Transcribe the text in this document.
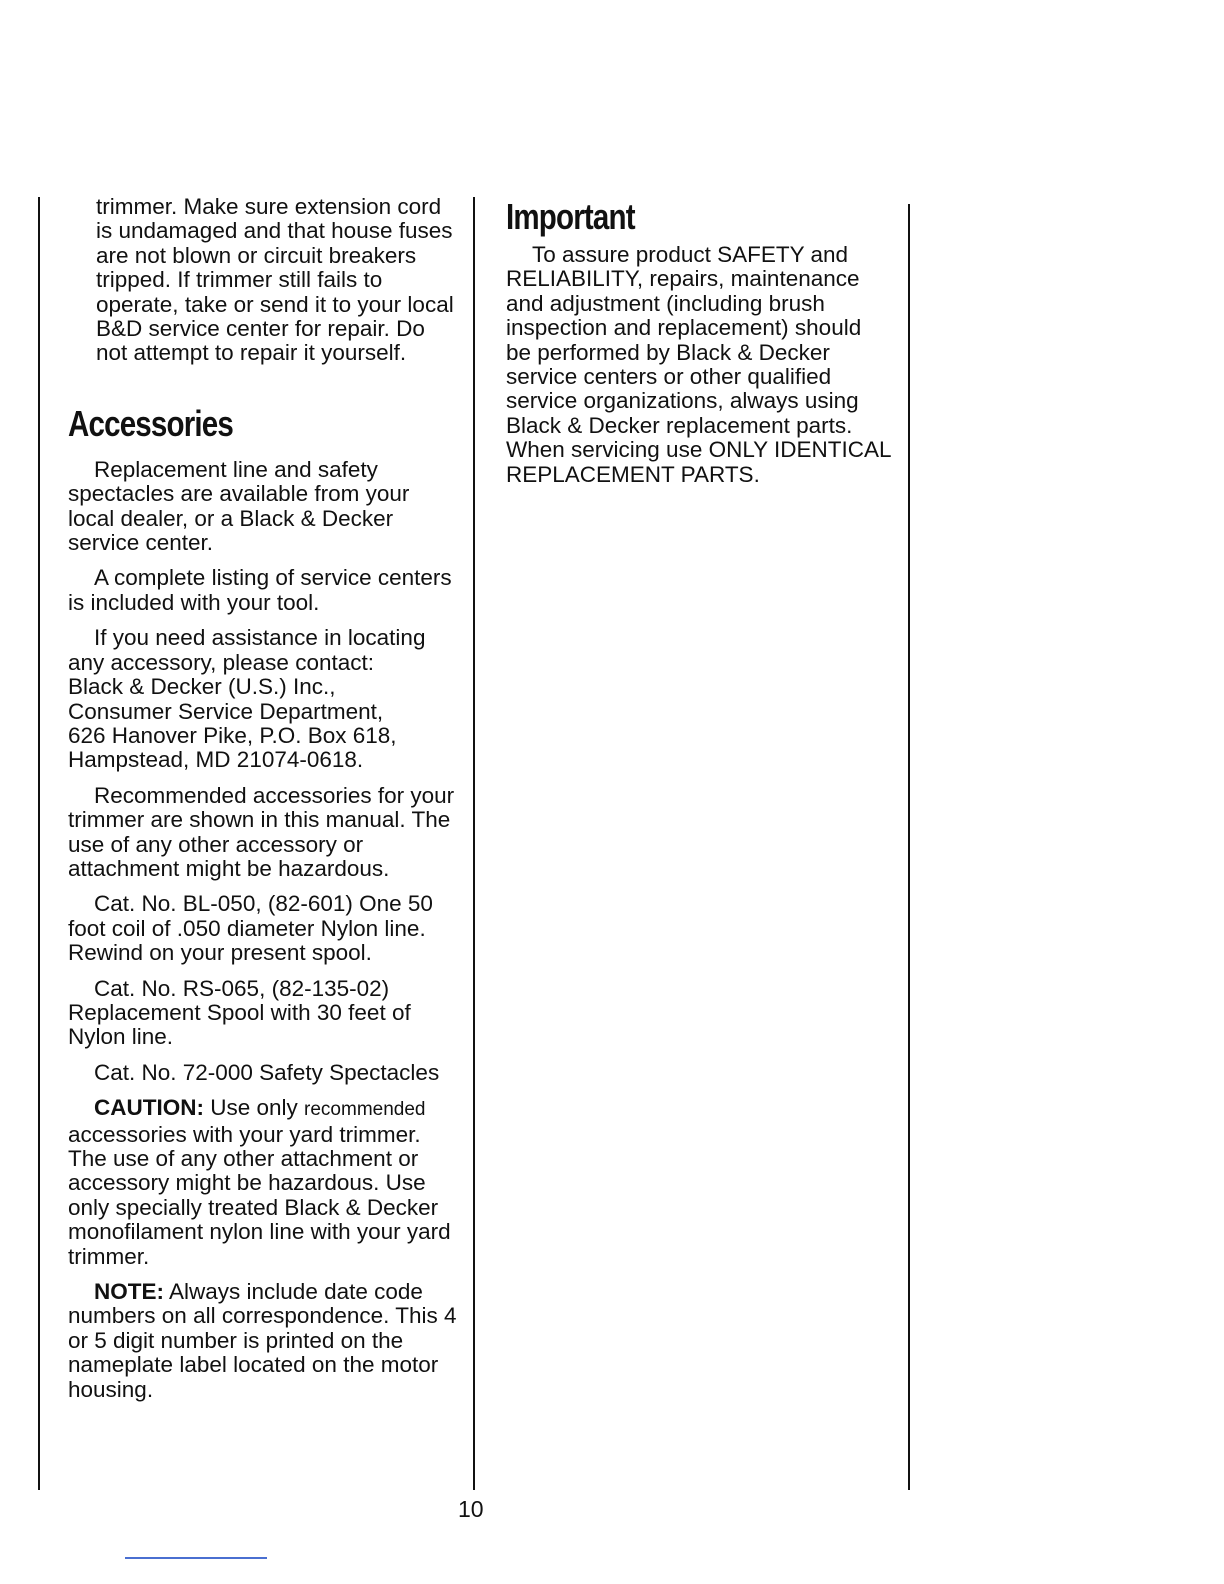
trimmer. Make sure extension cord is undamaged and that house fuses are not blown or circuit breakers tripped. If trimmer still fails to operate, take or send it to your local B&D service center for repair. Do not attempt to repair it yourself.

Accessories

Replacement line and safety spectacles are available from your local dealer, or a Black & Decker service center.

A complete listing of service centers is included with your tool.

If you need assistance in locating any accessory, please contact:

Black & Decker (U.S.) Inc.,
Consumer Service Department,
626 Hanover Pike, P.O. Box 618,
Hampstead, MD 21074-0618.

Recommended accessories for your trimmer are shown in this manual. The use of any other accessory or attachment might be hazardous.

Cat. No. BL-050, (82-601) One 50 foot coil of .050 diameter Nylon line. Rewind on your present spool.

Cat. No. RS-065, (82-135-02) Replacement Spool with 30 feet of Nylon line.

Cat. No. 72-000 Safety Spectacles

CAUTION: Use only recommended accessories with your yard trimmer. The use of any other attachment or accessory might be hazardous. Use only specially treated Black & Decker monofilament nylon line with your yard trimmer.

NOTE: Always include date code numbers on all correspondence. This 4 or 5 digit number is printed on the nameplate label located on the motor housing.

Important

To assure product SAFETY and RELIABILITY, repairs, maintenance and adjustment (including brush inspection and replacement) should be performed by Black & Decker service centers or other qualified service organizations, always using Black & Decker replacement parts. When servicing use ONLY IDENTICAL REPLACEMENT PARTS.

10
